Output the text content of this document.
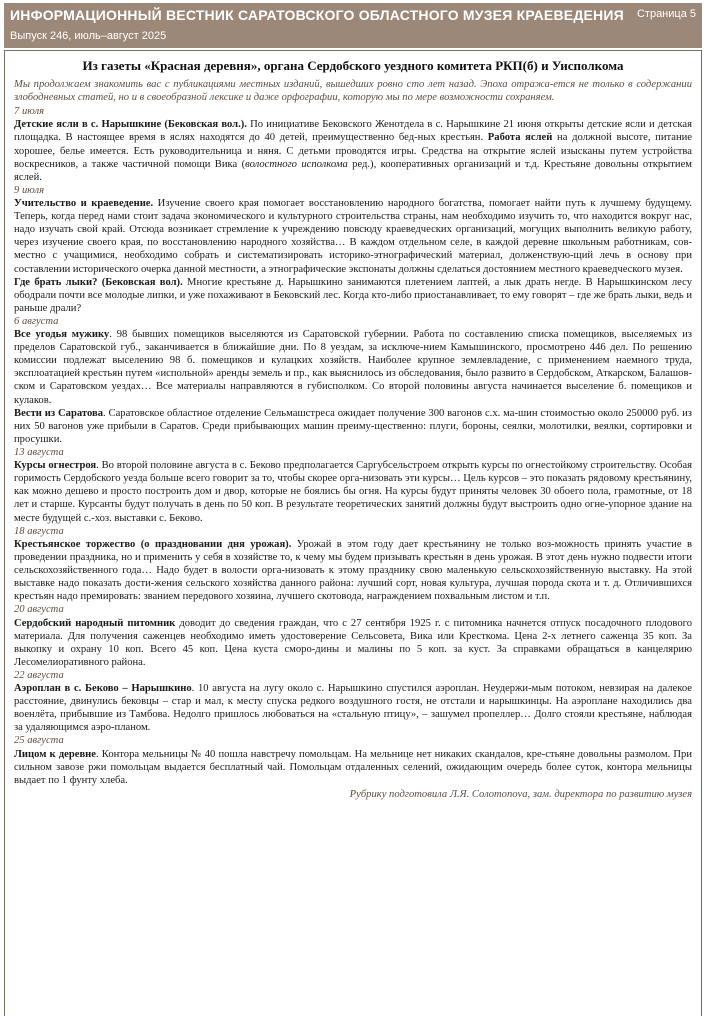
ИНФОРМАЦИОННЫЙ ВЕСТНИК САРАТОВСКОГО ОБЛАСТНОГО МУЗЕЯ КРАЕВЕДЕНИЯ
Выпуск 246, июль–август 2025
Страница 5
Из газеты «Красная деревня», органа Сердобского уездного комитета РКП(б) и Уисполкома

Мы продолжаем знакомить вас с публикациями местных изданий, вышедших ровно сто лет назад. Эпоха отража-ется не только в содержании злободневных статей, но и в своеобразной лексике и даже орфографии, которую мы по мере возможности сохраняем.

7 июля

Детские ясли в с. Нарышкине (Бековская вол.). По инициативе Бековского Женотдела в с. Нарышкине 21 июня открыты детские ясли и детская площадка. В настоящее время в яслях находятся до 40 детей, преимущественно бед-ных крестьян. Работа яслей на должной высоте, питание хорошее, белье имеется. Есть руководительница и няня. С детьми проводятся игры. Средства на открытие яслей изысканы путем устройства воскресников, а также частичной помощи Вика (волостного исполкома ред.), кооперативных организаций и т.д. Крестьяне довольны открытием яслей.

9 июля

Учительство и краеведение. Изучение своего края помогает восстановлению народного богатства, помогает найти путь к лучшему будущему. Теперь, когда перед нами стоит задача экономического и культурного строительства страны, нам необходимо изучить то, что находится вокруг нас, надо изучать свой край. Отсюда возникает стремление к учреждению повсюду краеведческих организаций, могущих выполнить великую работу, через изучение своего края, по восстановлению народного хозяйства… В каждом отдельном селе, в каждой деревне школьным работникам, сов-местно с учащимися, необходимо собрать и систематизировать историко-этнографический материал, долженствую-щий лечь в основу при составлении исторического очерка данной местности, а этнографические экспонаты должны сделаться достоянием местного краеведческого музея.

Где брать лыки? (Бековская вол). Многие крестьяне д. Нарышкино занимаются плетением лаптей, а лык драть негде. В Нарышкинском лесу ободрали почти все молодые липки, и уже похаживают в Бековский лес. Когда кто-либо приостанавливает, то ему говорят – где же брать лыки, ведь и раньше драли?

6 августа

Все угодья мужику. 98 бывших помещиков выселяются из Саратовской губернии. Работа по составлению списка помещиков, выселяемых из пределов Саратовской губ., заканчивается в ближайшие дни. По 8 уездам, за исключе-нием Камышинского, просмотрено 446 дел. По решению комиссии подлежат выселению 98 б. помещиков и кулацких хозяйств. Наиболее крупное землевладение, с применением наемного труда, эксплоатацией крестьян путем «испольной» аренды земель и пр., как выяснилось из обследования, было развито в Сердобском, Аткарском, Балашов-ском и Саратовском уездах… Все материалы направляются в губисполком. Со второй половины августа начинается выселение б. помещиков и кулаков.

Вести из Саратова. Саратовское областное отделение Сельмашстреса ожидает получение 300 вагонов с.х. ма-шин стоимостью около 250000 руб. из них 50 вагонов уже прибыли в Саратов. Среди прибывающих машин преиму-щественно: плуги, бороны, сеялки, молотилки, веялки, сортировки и просушки.

13 августа

Курсы огнестроя. Во второй половине августа в с. Беково предполагается Саргубсельстроем открыть курсы по огнестойкому строительству. Особая горимость Сердобского уезда больше всего говорит за то, чтобы скорее орга-низовать эти курсы… Цель курсов – это показать рядовому крестьянину, как можно дешево и просто построить дом и двор, которые не боялись бы огня. На курсы будут приняты человек 30 обоего пола, грамотные, от 18 лет и старше. Курсанты будут получать в день по 50 коп. В результате теоретических занятий должны будут выстроить одно огне-упорное здание на месте будущей с.-хоз. выставки с. Беково.

18 августа

Крестьянское торжество (о праздновании дня урожая). Урожай в этом году дает крестьянину не только воз-можность принять участие в проведении праздника, но и применить у себя в хозяйстве то, к чему мы будем призывать крестьян в день урожая. В этот день нужно подвести итоги сельскохозяйственного года… Надо будет в волости орга-низовать к этому празднику свою маленькую сельскохозяйственную выставку. На этой выставке надо показать дости-жения сельского хозяйства данного района: лучший сорт, новая культура, лучшая порода скота и т. д. Отличившихся крестьян надо премировать: званием передового хозяина, лучшего скотовода, награждением похвальным листом и т.п.

20 августа

Сердобский народный питомник доводит до сведения граждан, что с 27 сентября 1925 г. с питомника начнется отпуск посадочного плодового материала. Для получения саженцев необходимо иметь удостоверение Сельсовета, Вика или Кресткома. Цена 2-х летнего саженца 35 коп. За выкопку и охрану 10 коп. Всего 45 коп. Цена куста сморо-дины и малины по 5 коп. за куст. За справками обращаться в канцелярию Лесомелиоративного района.

22 августа

Аэроплан в с. Беково – Нарышкино. 10 августа на лугу около с. Нарышкино спустился аэроплан. Неудержи-мым потоком, невзирая на далекое расстояние, двинулись бековцы – стар и мал, к месту спуска редкого воздушного гостя, не отстали и нарышкинцы. На аэроплане находились два военлёта, прибывшие из Тамбова. Недолго пришлось любоваться на «стальную птицу», – зашумел пропеллер… Долго стояли крестьяне, наблюдая за удаляющимся аэро-планом.

25 августа

Лицом к деревне. Контора мельницы № 40 пошла навстречу помольцам. На мельнице нет никаких скандалов, кре-стьяне довольны размолом. При сильном завозе ржи помольцам выдается бесплатный чай. Помольцам отдаленных селений, ожидающим очередь более суток, контора мельницы выдает по 1 фунту хлеба.

Рубрику подготовила Л.Я. Солomonova, зам. директора по развитию музея
